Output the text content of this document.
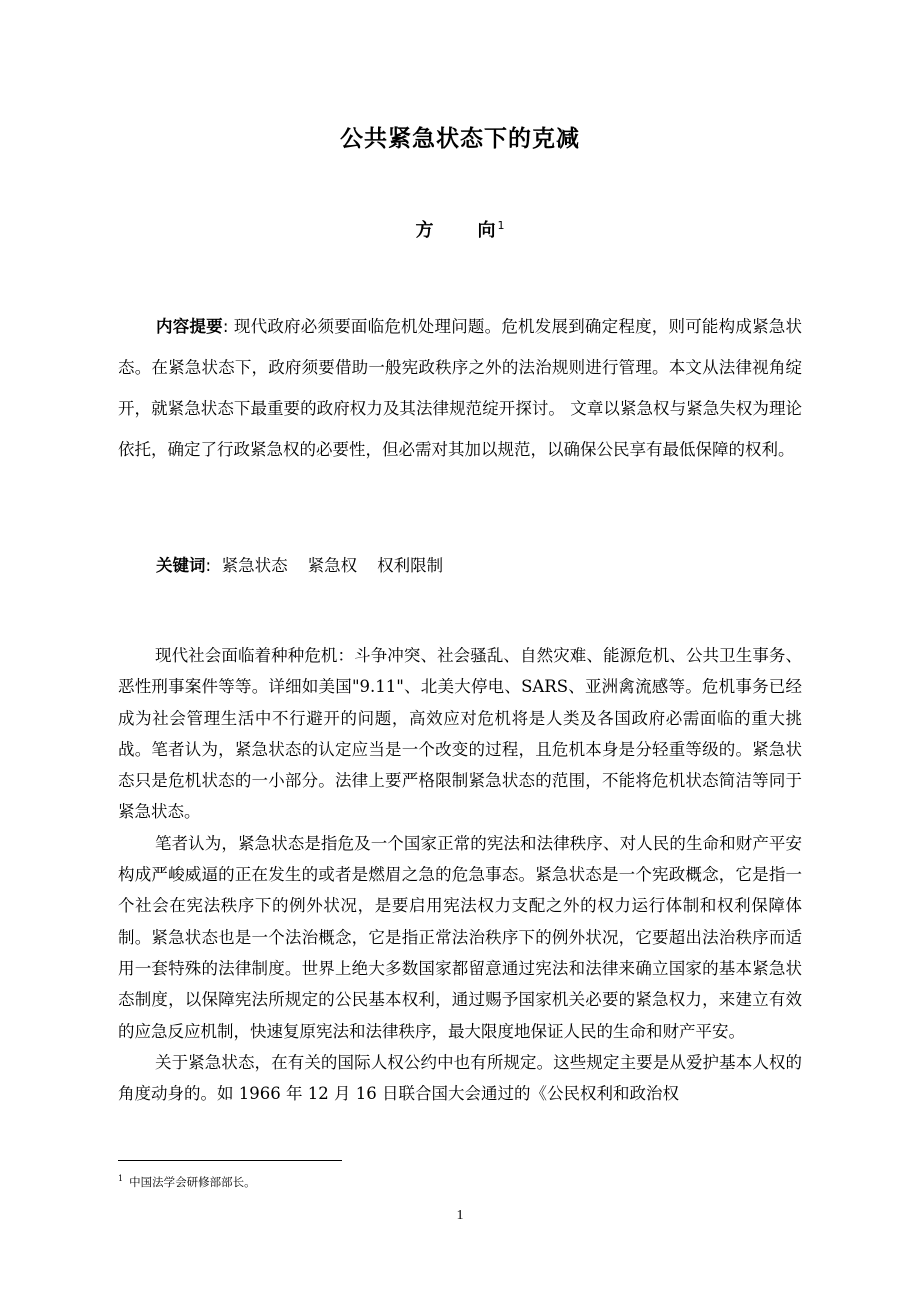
公共紧急状态下的克减
方 向 $^1$
内容提要: 现代政府必须要面临危机处理问题。危机发展到确定程度，则可能构成紧急状态。在紧急状态下，政府须要借助一般宪政秩序之外的法治规则进行管理。本文从法律视角绽开，就紧急状态下最重要的政府权力及其法律规范绽开探讨。 文章以紧急权与紧急失权为理论依托，确定了行政紧急权的必要性，但必需对其加以规范，以确保公民享有最低保障的权利。
关键词: 紧急状态 紧急权 权利限制

现代社会面临着种种危机：斗争冲突、社会骚乱、自然灾难、能源危机、公共卫生事务、恶性刑事案件等等。详细如美国"9.11"、北美大停电、SARS、亚洲禽流感等。危机事务已经成为社会管理生活中不行避开的问题，高效应对危机将是人类及各国政府必需面临的重大挑战。笔者认为，紧急状态的认定应当是一个改变的过程，且危机本身是分轻重等级的。紧急状态只是危机状态的一小部分。法律上要严格限制紧急状态的范围，不能将危机状态简洁等同于紧急状态。

笔者认为，紧急状态是指危及一个国家正常的宪法和法律秩序、对人民的生命和财产平安构成严峻威逼的正在发生的或者是燃眉之急的危急事态。紧急状态是一个宪政概念，它是指一个社会在宪法秩序下的例外状况，是要启用宪法权力支配之外的权力运行体制和权利保障体制。紧急状态也是一个法治概念，它是指正常法治秩序下的例外状况，它要超出法治秩序而适用一套特殊的法律制度。世界上绝大多数国家都留意通过宪法和法律来确立国家的基本紧急状态制度，以保障宪法所规定的公民基本权利，通过赐予国家机关必要的紧急权力，来建立有效的应急反应机制，快速复原宪法和法律秩序，最大限度地保证人民的生命和财产平安。

关于紧急状态，在有关的国际人权公约中也有所规定。这些规定主要是从爱护基本人权的角度动身的。如 1966 年 12 月 16 日联合国大会通过的《公民权利和政治权

$^1$ 中国法学会研修部部长。
1
